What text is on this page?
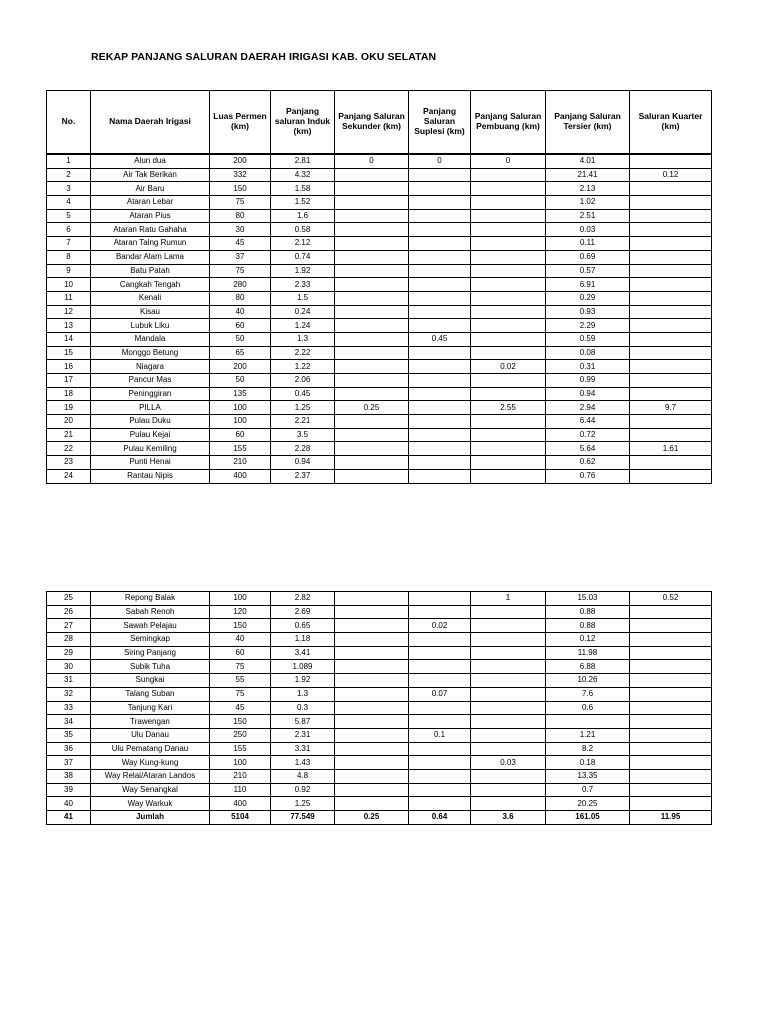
REKAP PANJANG SALURAN DAERAH IRIGASI KAB. OKU SELATAN
No.	Nama Daerah Irigasi	Luas Permen (km)	Panjang saluran Induk (km)	Panjang Saluran Sekunder (km)	Panjang Saluran Suplesi (km)	Panjang Saluran Pembuang (km)	Panjang Saluran Tersier (km)	Saluran Kuarter (km)
1	Alun dua	200	2.81	0	0	0	4.01	
2	Air Tak Berikan	332	4.32				21.41	0.12
3	Air Baru	150	1.58				2.13	
4	Ataran Lebar	75	1.52				1.02	
5	Ataran Pius	80	1.6				2.51	
6	Ataran Ratu Gahaha	30	0.58				0.03	
7	Ataran Talng Rumun	45	2.12				0.11	
8	Bandar Alam Lama	37	0.74				0.69	
9	Batu Patah	75	1.92				0.57	
10	Cangkah Tengah	280	2.33				6.91	
11	Kenali	80	1.5				0.29	
12	Kisau	40	0.24				0.93	
13	Lubuk Liku	60	1.24				2.29	
14	Mandala	50	1.3		0.45		0.59	
15	Monggo Betung	65	2.22				0.08	
16	Niagara	200	1.22			0.02	0.31	
17	Pancur Mas	50	2.06				0.99	
18	Peninggiran	135	0.45				0.94	
19	PILLA	100	1.25	0.25		2.55	2.94	9.7
20	Pulau Duku	100	2.21				6.44	
21	Pulau Kejai	60	3.5				0.72	
22	Pulau Kemiling	155	2.28				5.64	1.61
23	Punti Henai	210	0.94				0.62	
24	Rantau Nipis	400	2.37				0.76	
25	Repong Balak	100	2.82			1	15.03	0.52
26	Sabah Renoh	120	2.69				0.88	
27	Sawah Pelajau	150	0.65		0.02		0.88	
28	Semingkap	40	1.18				0.12	
29	Siring Panjang	60	3.41				11.98	
30	Subik Tuha	75	1.089				6.88	
31	Sungkai	55	1.92				10.26	
32	Talang Suban	75	1.3		0.07		7.6	
33	Tanjung Kari	45	0.3				0.6	
34	Trawengan	150	5.87					
35	Ulu Danau	250	2.31		0.1		1.21	
36	Ulu Pematang Danau	155	3.31				8.2	
37	Way Kung-kung	100	1.43			0.03	0.18	
38	Way Relai/Ataran Landos	210	4.8				13.35	
39	Way Senangkal	110	0.92				0.7	
40	Way Warkuk	400	1.25				20.25	
41	Jumlah	5104	77.549	0.25	0.64	3.6	161.05	11.95
